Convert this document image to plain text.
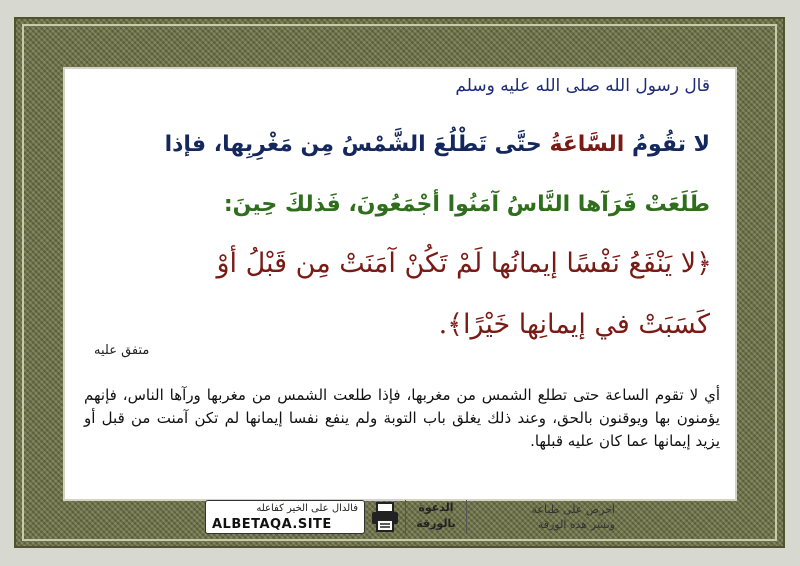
قال رسول الله صلى الله عليه وسلم
لا تقُومُ السَّاعَةُ حتَّى تَطْلُعَ الشَّمْسُ مِن مَغْرِبِها، فإذا
طَلَعَتْ فَرَآها النَّاسُ آمَنُوا أجْمَعُونَ، فَذلكَ حِينَ:
﴿لا يَنْفَعُ نَفْسًا إيمانُها لَمْ تَكُنْ آمَنَتْ مِن قَبْلُ أوْ
كَسَبَتْ في إيمانِها خَيْرًا﴾.
متفق عليه
أي لا تقوم الساعة حتى تطلع الشمس من مغربها، فإذا طلعت الشمس من مغربها ورآها الناس، فإنهم يؤمنون بها ويوقنون بالحق، وعند ذلك يغلق باب التوبة ولم ينفع نفسا إيمانها لم تكن آمنت من قبل أو يزيد إيمانها عما كان عليه قبلها.
فالدال على الخير كفاعله
ALBETAQA.SITE
الدعوة
بالورقة
احرص على طباعة
ونشر هذه الورقة
